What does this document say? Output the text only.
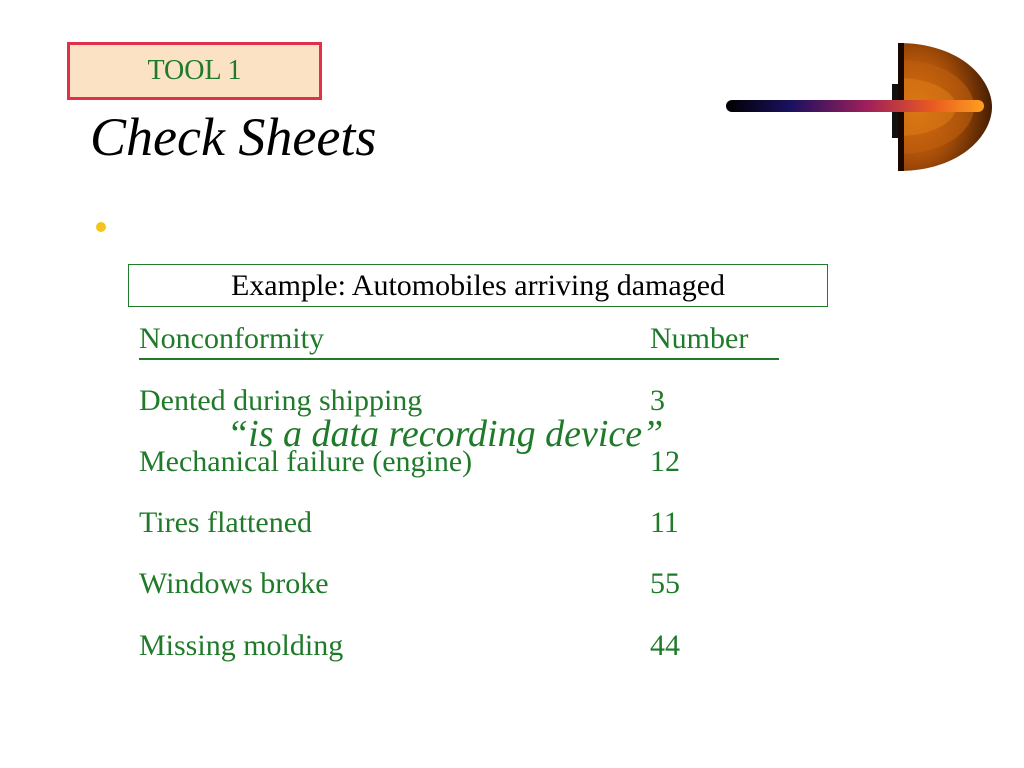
TOOL 1
Check Sheets
“is a data recording device”
Example: Automobiles arriving damaged
Nonconformity	Number
Dented during shipping	3
Mechanical failure (engine)	12
Tires flattened	11
Windows broke	55
Missing molding	44
